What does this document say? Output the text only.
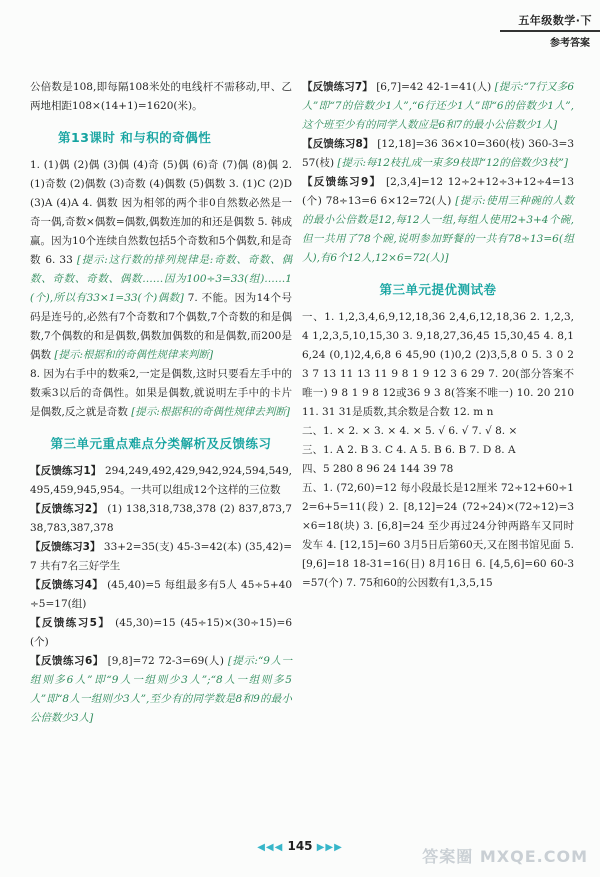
五年级数学·下
参考答案
公倍数是108,即每隔108米处的电线杆不需移动,甲、乙两地相距108×(14+1)=1620(米)。
第13课时 和与积的奇偶性
1. (1)偶 (2)偶 (3)偶 (4)奇 (5)偶 (6)奇 (7)偶 (8)偶 2. (1)奇数 (2)偶数 (3)奇数 (4)偶数 (5)偶数 3. (1)C (2)D (3)A (4)A 4. 偶数 因为相邻的两个非0自然数必然是一奇一偶,奇数×偶数=偶数,偶数连加的和还是偶数 5. 韩成赢。因为10个连续自然数包括5个奇数和5个偶数,和是奇数 6. 33 [提示:这行数的排列规律是:奇数、奇数、偶数、奇数、奇数、偶数……因为100÷3=33(组)……1(个),所以有33×1=33(个)偶数] 7. 不能。因为14个号码是连号的,必然有7个奇数和7个偶数,7个奇数的和是偶数,7个偶数的和是偶数,偶数加偶数的和是偶数,而200是偶数 [提示:根据和的奇偶性规律来判断]
8. 因为右手中的数乘2,一定是偶数,这时只要看左手中的数乘3以后的奇偶性。如果是偶数,就说明左手中的卡片是偶数,反之就是奇数 [提示:根据积的奇偶性规律去判断]
第三单元重点难点分类解析及反馈练习
【反馈练习1】 294,249,492,429,942,924,594,549,495,459,945,954。一共可以组成12个这样的三位数
【反馈练习2】 (1) 138,318,738,378 (2) 837,873,738,783,387,378
【反馈练习3】 33+2=35(支) 45-3=42(本) (35,42)=7 共有7名三好学生
【反馈练习4】 (45,40)=5 每组最多有5人 45÷5+40÷5=17(组)
【反馈练习5】 (45,30)=15 (45÷15)×(30÷15)=6(个)
【反馈练习6】 [9,8]=72 72-3=69(人) [提示:“9人一组则多6人”即“9人一组则少3人”;“8人一组则多5人”即“8人一组则少3人”,至少有的同学数是8和9的最小公倍数少3人]
【反馈练习7】 [6,7]=42 42-1=41(人) [提示:“7行又多6人”即“7的倍数少1人”,“6行还少1人”即“6的倍数少1人”,这个班至少有的同学人数应是6和7的最小公倍数少1人]
【反馈练习8】 [12,18]=36 36×10=360(枝) 360-3=357(枝) [提示:每12枝扎成一束多9枝即“12的倍数少3枝”]
【反馈练习9】 [2,3,4]=12 12÷2+12÷3+12÷4=13(个) 78÷13=6 6×12=72(人) [提示:使用三种碗的人数的最小公倍数是12,每12人一组,每组人使用2+3+4个碗,但一共用了78个碗,说明参加野餐的一共有78÷13=6(组人),有6个12人,12×6=72(人)]
第三单元提优测试卷
一、1. 1,2,3,4,6,9,12,18,36 2,4,6,12,18,36 2. 1,2,3,4 1,2,3,5,10,15,30 3. 9,18,27,36,45 15,30,45 4. 8,16,24 (0,1)2,4,6,8 6 45,90 (1)0,2 (2)3,5,8 0 5. 3 0 2 3 7 13 11 13 11 9 8 1 9 12 3 6 29 7. 20(部分答案不唯一) 9 8 1 9 8 12或36 9 3 8(答案不唯一) 10. 20 210 11. 31 31是质数,其余数是合数 12. m n
二、1. × 2. × 3. × 4. × 5. √ 6. √ 7. √ 8. ×
三、1. A 2. B 3. C 4. A 5. B 6. B 7. D 8. A
四、5 280 8 96 24 144 39 78
五、1. (72,60)=12 每小段最长是12厘米 72÷12+60÷12=6+5=11(段) 2. [8,12]=24 (72÷24)×(72÷12)=3×6=18(块) 3. [6,8]=24 至少再过24分钟两路车又同时发车 4. [12,15]=60 3月5日后第60天,又在图书馆见面 5. [9,6]=18 18-31=16(日) 8月16日 6. [4,5,6]=60 60-3=57(个) 7. 75和60的公因数有1,3,5,15
◀◀◀ 145 ▶▶▶	答案圈 MXQE.COM
